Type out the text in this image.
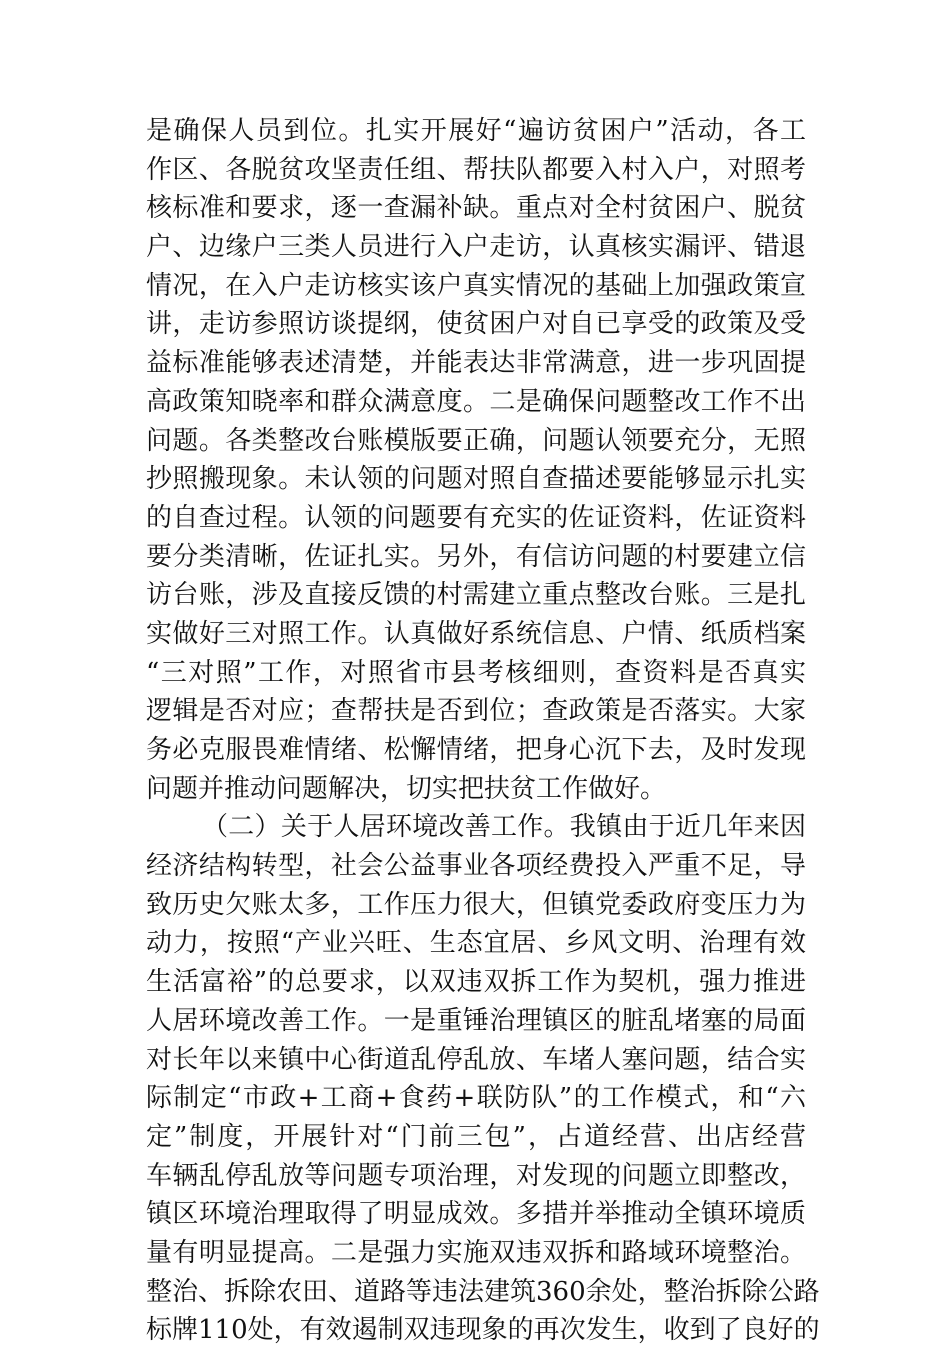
是确保人员到位。扎实开展好“遍访贫困户”活动，各工
作区、各脱贫攻坚责任组、帮扶队都要入村入户，对照考
核标准和要求，逐一查漏补缺。重点对全村贫困户、脱贫
户、边缘户三类人员进行入户走访，认真核实漏评、错退
情况，在入户走访核实该户真实情况的基础上加强政策宣
讲，走访参照访谈提纲，使贫困户对自已享受的政策及受
益标准能够表述清楚，并能表达非常满意，进一步巩固提
高政策知晓率和群众满意度。二是确保问题整改工作不出
问题。各类整改台账模版要正确，问题认领要充分，无照
抄照搬现象。未认领的问题对照自查描述要能够显示扎实
的自查过程。认领的问题要有充实的佐证资料，佐证资料
要分类清晰，佐证扎实。另外，有信访问题的村要建立信
访台账，涉及直接反馈的村需建立重点整改台账。三是扎
实做好三对照工作。认真做好系统信息、户情、纸质档案
“三对照”工作，对照省市县考核细则，查资料是否真实
逻辑是否对应；查帮扶是否到位；查政策是否落实。大家
务必克服畏难情绪、松懈情绪，把身心沉下去，及时发现
问题并推动问题解决，切实把扶贫工作做好。
（二）关于人居环境改善工作。我镇由于近几年来因
经济结构转型，社会公益事业各项经费投入严重不足，导
致历史欠账太多，工作压力很大，但镇党委政府变压力为
动力，按照“产业兴旺、生态宜居、乡风文明、治理有效
生活富裕”的总要求，以双违双拆工作为契机，强力推进
人居环境改善工作。一是重锤治理镇区的脏乱堵塞的局面
对长年以来镇中心街道乱停乱放、车堵人塞问题，结合实
际制定“市政+工商+食药+联防队”的工作模式，和“六
定”制度，开展针对“门前三包”，占道经营、出店经营
车辆乱停乱放等问题专项治理，对发现的问题立即整改，
镇区环境治理取得了明显成效。多措并举推动全镇环境质
量有明显提高。二是强力实施双违双拆和路域环境整治。
整治、拆除农田、道路等违法建筑360余处，整治拆除公路
标牌110处，有效遏制双违现象的再次发生，收到了良好的
